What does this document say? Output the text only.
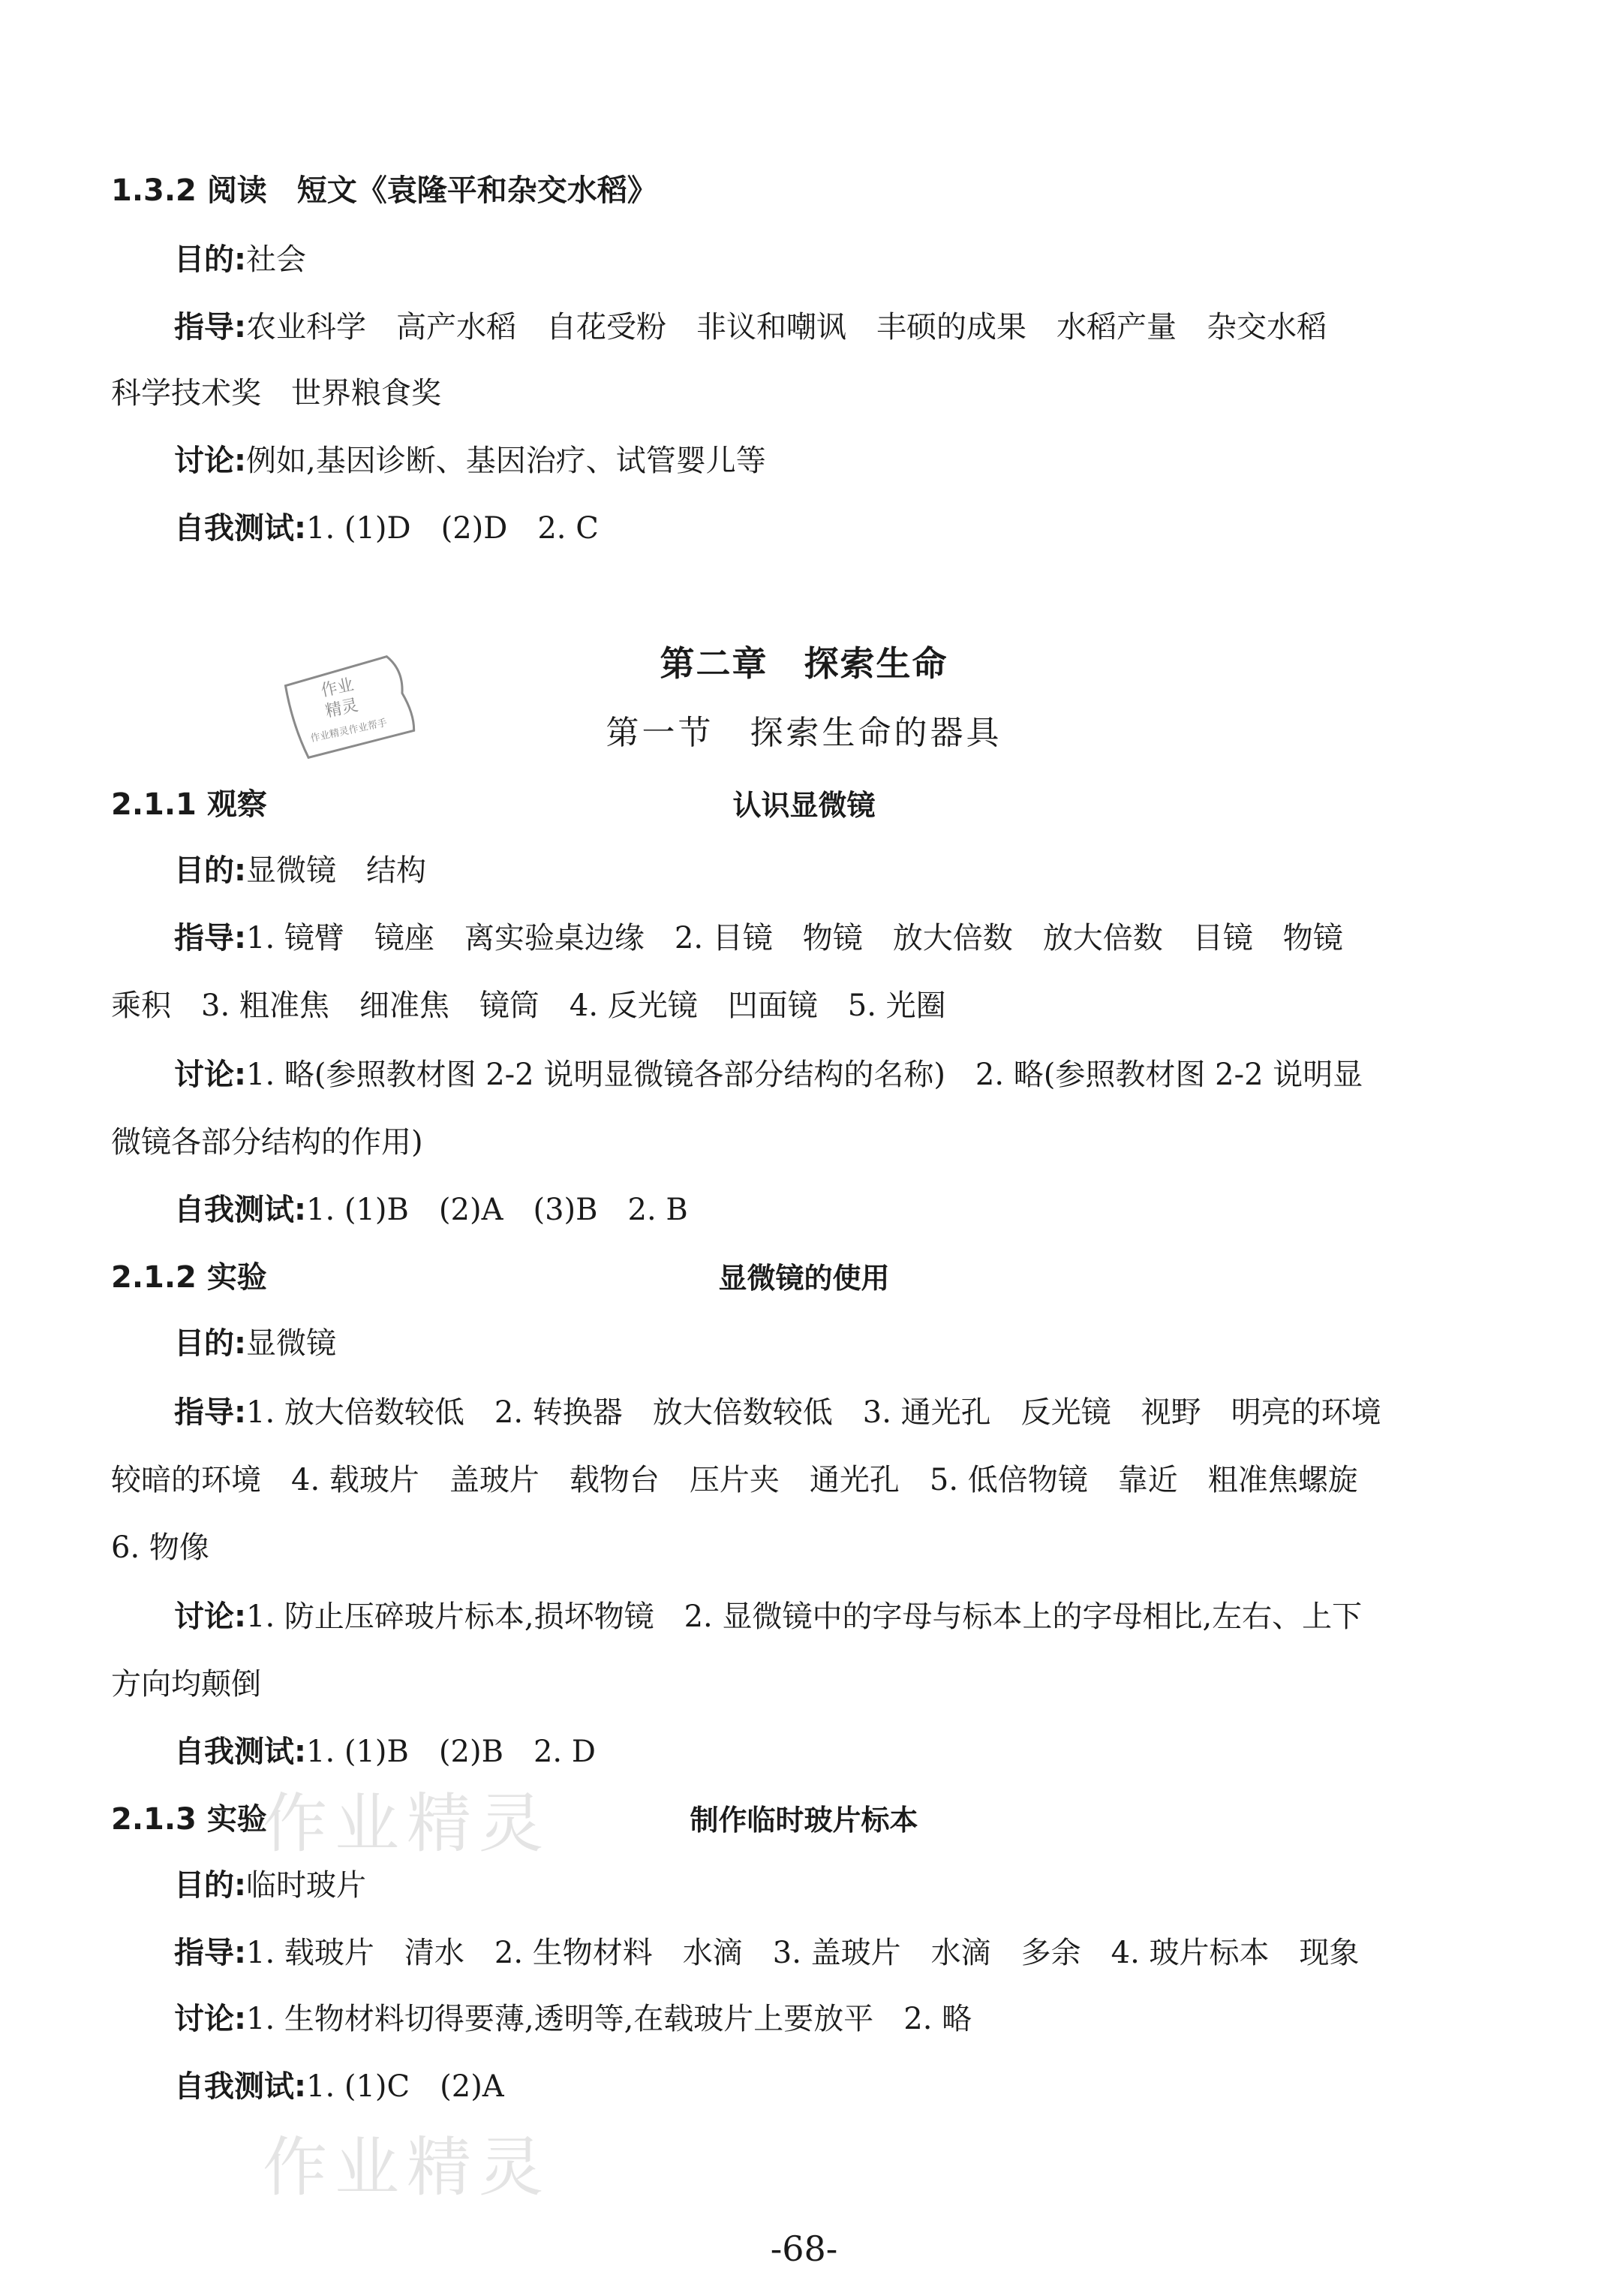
1.3.2 阅读　短文《袁隆平和杂交水稻》
目的:社会
指导:农业科学　高产水稻　自花受粉　非议和嘲讽　丰硕的成果　水稻产量　杂交水稻
科学技术奖　世界粮食奖
讨论:例如,基因诊断、基因治疗、试管婴儿等
自我测试:1. (1)D　(2)D　2. C
第二章　探索生命
第一节　探索生命的器具
作业
精灵
作业精灵作业帮手
2.1.1 观察	认识显微镜
目的:显微镜　结构
指导:1. 镜臂　镜座　离实验桌边缘　2. 目镜　物镜　放大倍数　放大倍数　目镜　物镜
乘积　3. 粗准焦　细准焦　镜筒　4. 反光镜　凹面镜　5. 光圈
讨论:1. 略(参照教材图 2-2 说明显微镜各部分结构的名称)　2. 略(参照教材图 2-2 说明显
微镜各部分结构的作用)
自我测试:1. (1)B　(2)A　(3)B　2. B
2.1.2 实验	显微镜的使用
目的:显微镜
指导:1. 放大倍数较低　2. 转换器　放大倍数较低　3. 通光孔　反光镜　视野　明亮的环境
较暗的环境　4. 载玻片　盖玻片　载物台　压片夹　通光孔　5. 低倍物镜　靠近　粗准焦螺旋
6. 物像
讨论:1. 防止压碎玻片标本,损坏物镜　2. 显微镜中的字母与标本上的字母相比,左右、上下
方向均颠倒
自我测试:1. (1)B　(2)B　2. D
作业精灵
2.1.3 实验	制作临时玻片标本
目的:临时玻片
指导:1. 载玻片　清水　2. 生物材料　水滴　3. 盖玻片　水滴　多余　4. 玻片标本　现象
讨论:1. 生物材料切得要薄,透明等,在载玻片上要放平　2. 略
自我测试:1. (1)C　(2)A
作业精灵
-68-
